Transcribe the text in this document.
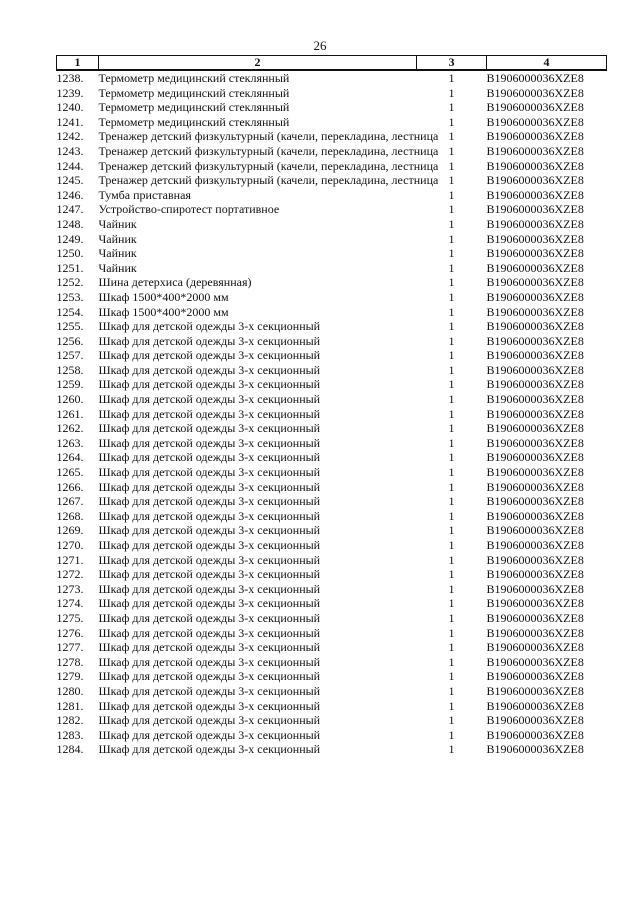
26
1	2	3	4
1238.	Термометр медицинский стеклянный	1	В1906000036XZE8
1239.	Термометр медицинский стеклянный	1	В1906000036XZE8
1240.	Термометр медицинский стеклянный	1	В1906000036XZE8
1241.	Термометр медицинский стеклянный	1	В1906000036XZE8
1242.	Тренажер детский физкультурный (качели, перекладина, лестница	1	В1906000036XZE8
1243.	Тренажер детский физкультурный (качели, перекладина, лестница	1	В1906000036XZE8
1244.	Тренажер детский физкультурный (качели, перекладина, лестница	1	В1906000036XZE8
1245.	Тренажер детский физкультурный (качели, перекладина, лестница	1	В1906000036XZE8
1246.	Тумба приставная	1	В1906000036XZE8
1247.	Устройство-спиротест портативное	1	В1906000036XZE8
1248.	Чайник	1	В1906000036XZE8
1249.	Чайник	1	В1906000036XZE8
1250.	Чайник	1	В1906000036XZE8
1251.	Чайник	1	В1906000036XZE8
1252.	Шина детерхиса (деревянная)	1	В1906000036XZE8
1253.	Шкаф 1500*400*2000 мм	1	В1906000036XZE8
1254.	Шкаф 1500*400*2000 мм	1	В1906000036XZE8
1255.	Шкаф для детской одежды 3-х секционный	1	В1906000036XZE8
1256.	Шкаф для детской одежды 3-х секционный	1	В1906000036XZE8
1257.	Шкаф для детской одежды 3-х секционный	1	В1906000036XZE8
1258.	Шкаф для детской одежды 3-х секционный	1	В1906000036XZE8
1259.	Шкаф для детской одежды 3-х секционный	1	В1906000036XZE8
1260.	Шкаф для детской одежды 3-х секционный	1	В1906000036XZE8
1261.	Шкаф для детской одежды 3-х секционный	1	В1906000036XZE8
1262.	Шкаф для детской одежды 3-х секционный	1	В1906000036XZE8
1263.	Шкаф для детской одежды 3-х секционный	1	В1906000036XZE8
1264.	Шкаф для детской одежды 3-х секционный	1	В1906000036XZE8
1265.	Шкаф для детской одежды 3-х секционный	1	В1906000036XZE8
1266.	Шкаф для детской одежды 3-х секционный	1	В1906000036XZE8
1267.	Шкаф для детской одежды 3-х секционный	1	В1906000036XZE8
1268.	Шкаф для детской одежды 3-х секционный	1	В1906000036XZE8
1269.	Шкаф для детской одежды 3-х секционный	1	В1906000036XZE8
1270.	Шкаф для детской одежды 3-х секционный	1	В1906000036XZE8
1271.	Шкаф для детской одежды 3-х секционный	1	В1906000036XZE8
1272.	Шкаф для детской одежды 3-х секционный	1	В1906000036XZE8
1273.	Шкаф для детской одежды 3-х секционный	1	В1906000036XZE8
1274.	Шкаф для детской одежды 3-х секционный	1	В1906000036XZE8
1275.	Шкаф для детской одежды 3-х секционный	1	В1906000036XZE8
1276.	Шкаф для детской одежды 3-х секционный	1	В1906000036XZE8
1277.	Шкаф для детской одежды 3-х секционный	1	В1906000036XZE8
1278.	Шкаф для детской одежды 3-х секционный	1	В1906000036XZE8
1279.	Шкаф для детской одежды 3-х секционный	1	В1906000036XZE8
1280.	Шкаф для детской одежды 3-х секционный	1	В1906000036XZE8
1281.	Шкаф для детской одежды 3-х секционный	1	В1906000036XZE8
1282.	Шкаф для детской одежды 3-х секционный	1	В1906000036XZE8
1283.	Шкаф для детской одежды 3-х секционный	1	В1906000036XZE8
1284.	Шкаф для детской одежды 3-х секционный	1	В1906000036XZE8
